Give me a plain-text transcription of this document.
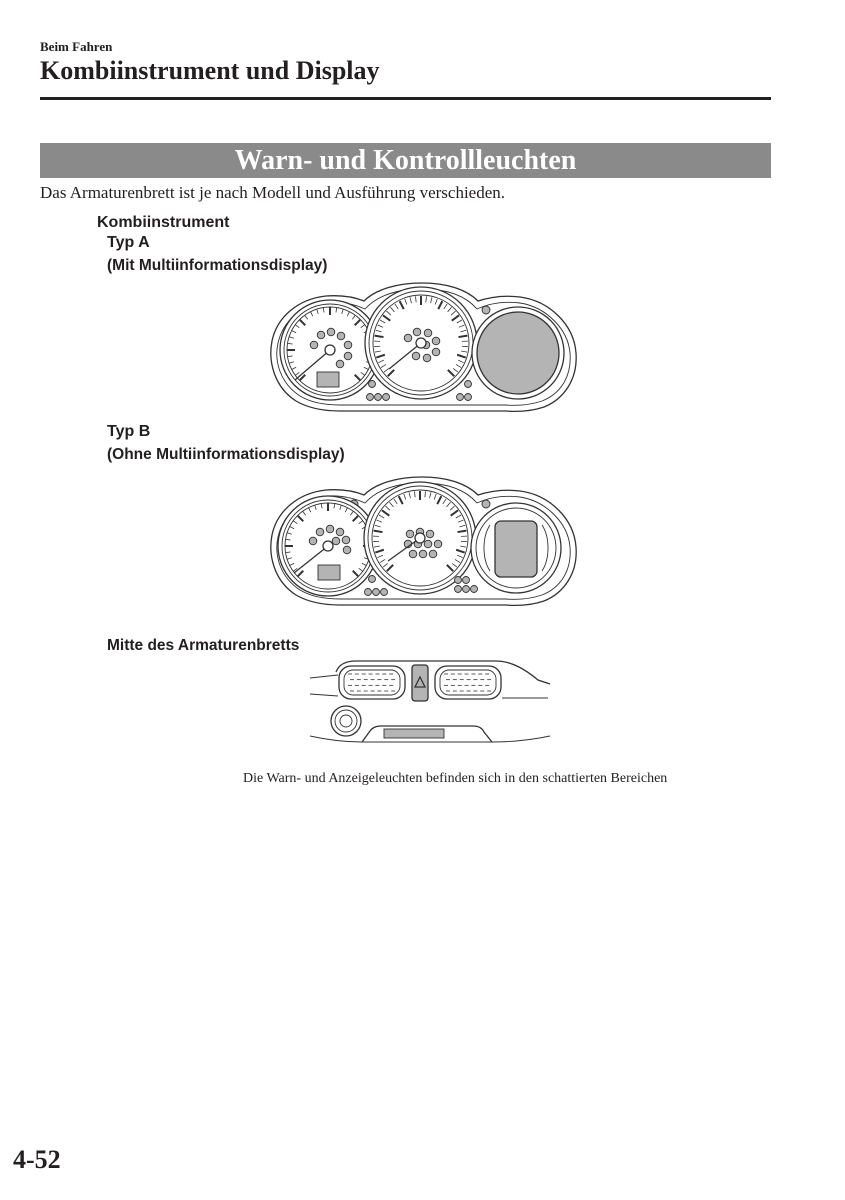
Beim Fahren
Kombiinstrument und Display
Warn- und Kontrollleuchten
Das Armaturenbrett ist je nach Modell und Ausführung verschieden.
Kombiinstrument
Typ A
(Mit Multiinformationsdisplay)
Typ B
(Ohne Multiinformationsdisplay)
Mitte des Armaturenbretts
Die Warn- und Anzeigeleuchten befinden sich in den schattierten Bereichen
4-52
